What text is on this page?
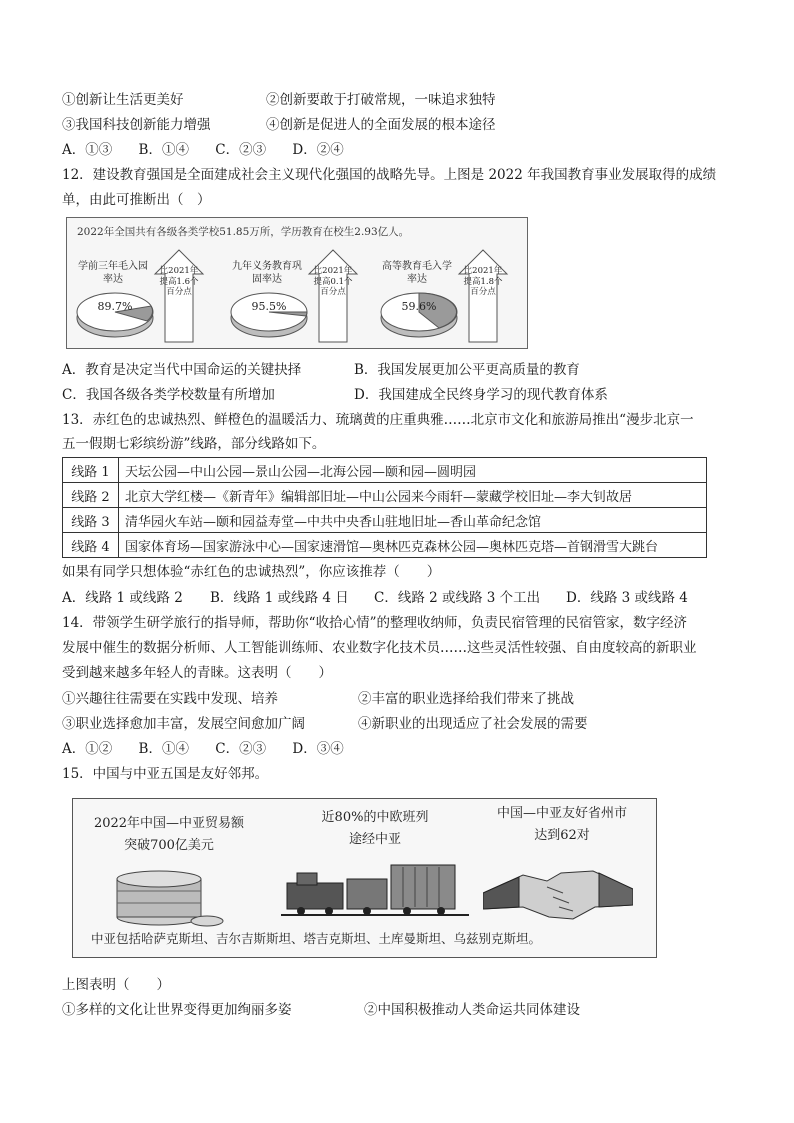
①创新让生活更美好	②创新要敢于打破常规，一味追求独特
③我国科技创新能力增强	④创新是促进人的全面发展的根本途径
A．①③ B．①④ C．②③ D．②④
12．建设教育强国是全面建成社会主义现代化强国的战略先导。上图是 2022 年我国教育事业发展取得的成绩
单，由此可推断出（　）
2022年全国共有各级各类学校51.85万所，学历教育在校生2.93亿人。
学前三年毛入园率达
89.7%
比2021年提高1.6个百分点
九年义务教育巩固率达
95.5%
比2021年提高0.1个百分点
高等教育毛入学率达
59.6%
比2021年提高1.8个百分点
A．教育是决定当代中国命运的关键抉择	B．我国发展更加公平更高质量的教育
C．我国各级各类学校数量有所增加	D．我国建成全民终身学习的现代教育体系
13．赤红色的忠诚热烈、鲜橙色的温暖活力、琉璃黄的庄重典雅……北京市文化和旅游局推出“漫步北京一
五一假期七彩缤纷游”线路，部分线路如下。
线路 1	天坛公园—中山公园—景山公园—北海公园—颐和园—圆明园
线路 2	北京大学红楼—《新青年》编辑部旧址—中山公园来今雨轩—蒙藏学校旧址—李大钊故居
线路 3	清华园火车站—颐和园益寿堂—中共中央香山驻地旧址—香山革命纪念馆
线路 4	国家体育场—国家游泳中心—国家速滑馆—奥林匹克森林公园—奥林匹克塔—首钢滑雪大跳台
如果有同学只想体验“赤红色的忠诚热烈”，你应该推荐（　　）
A．线路 1 或线路 2 B．线路 1 或线路 4 日 C．线路 2 或线路 3 个工出 D．线路 3 或线路 4
14．带领学生研学旅行的指导师，帮助你“收拾心情”的整理收纳师，负责民宿管理的民宿管家，数字经济
发展中催生的数据分析师、人工智能训练师、农业数字化技术员……这些灵活性较强、自由度较高的新职业
受到越来越多年轻人的青睐。这表明（　　）
①兴趣往往需要在实践中发现、培养	②丰富的职业选择给我们带来了挑战
③职业选择愈加丰富，发展空间愈加广阔	④新职业的出现适应了社会发展的需要
A．①② B．①④ C．②③ D．③④
15．中国与中亚五国是友好邻邦。
2022年中国—中亚贸易额
突破700亿美元
近80%的中欧班列
途经中亚
中国—中亚友好省州市
达到62对
中亚包括哈萨克斯坦、吉尔吉斯斯坦、塔吉克斯坦、土库曼斯坦、乌兹别克斯坦。
上图表明（　　）
①多样的文化让世界变得更加绚丽多姿	②中国积极推动人类命运共同体建设
